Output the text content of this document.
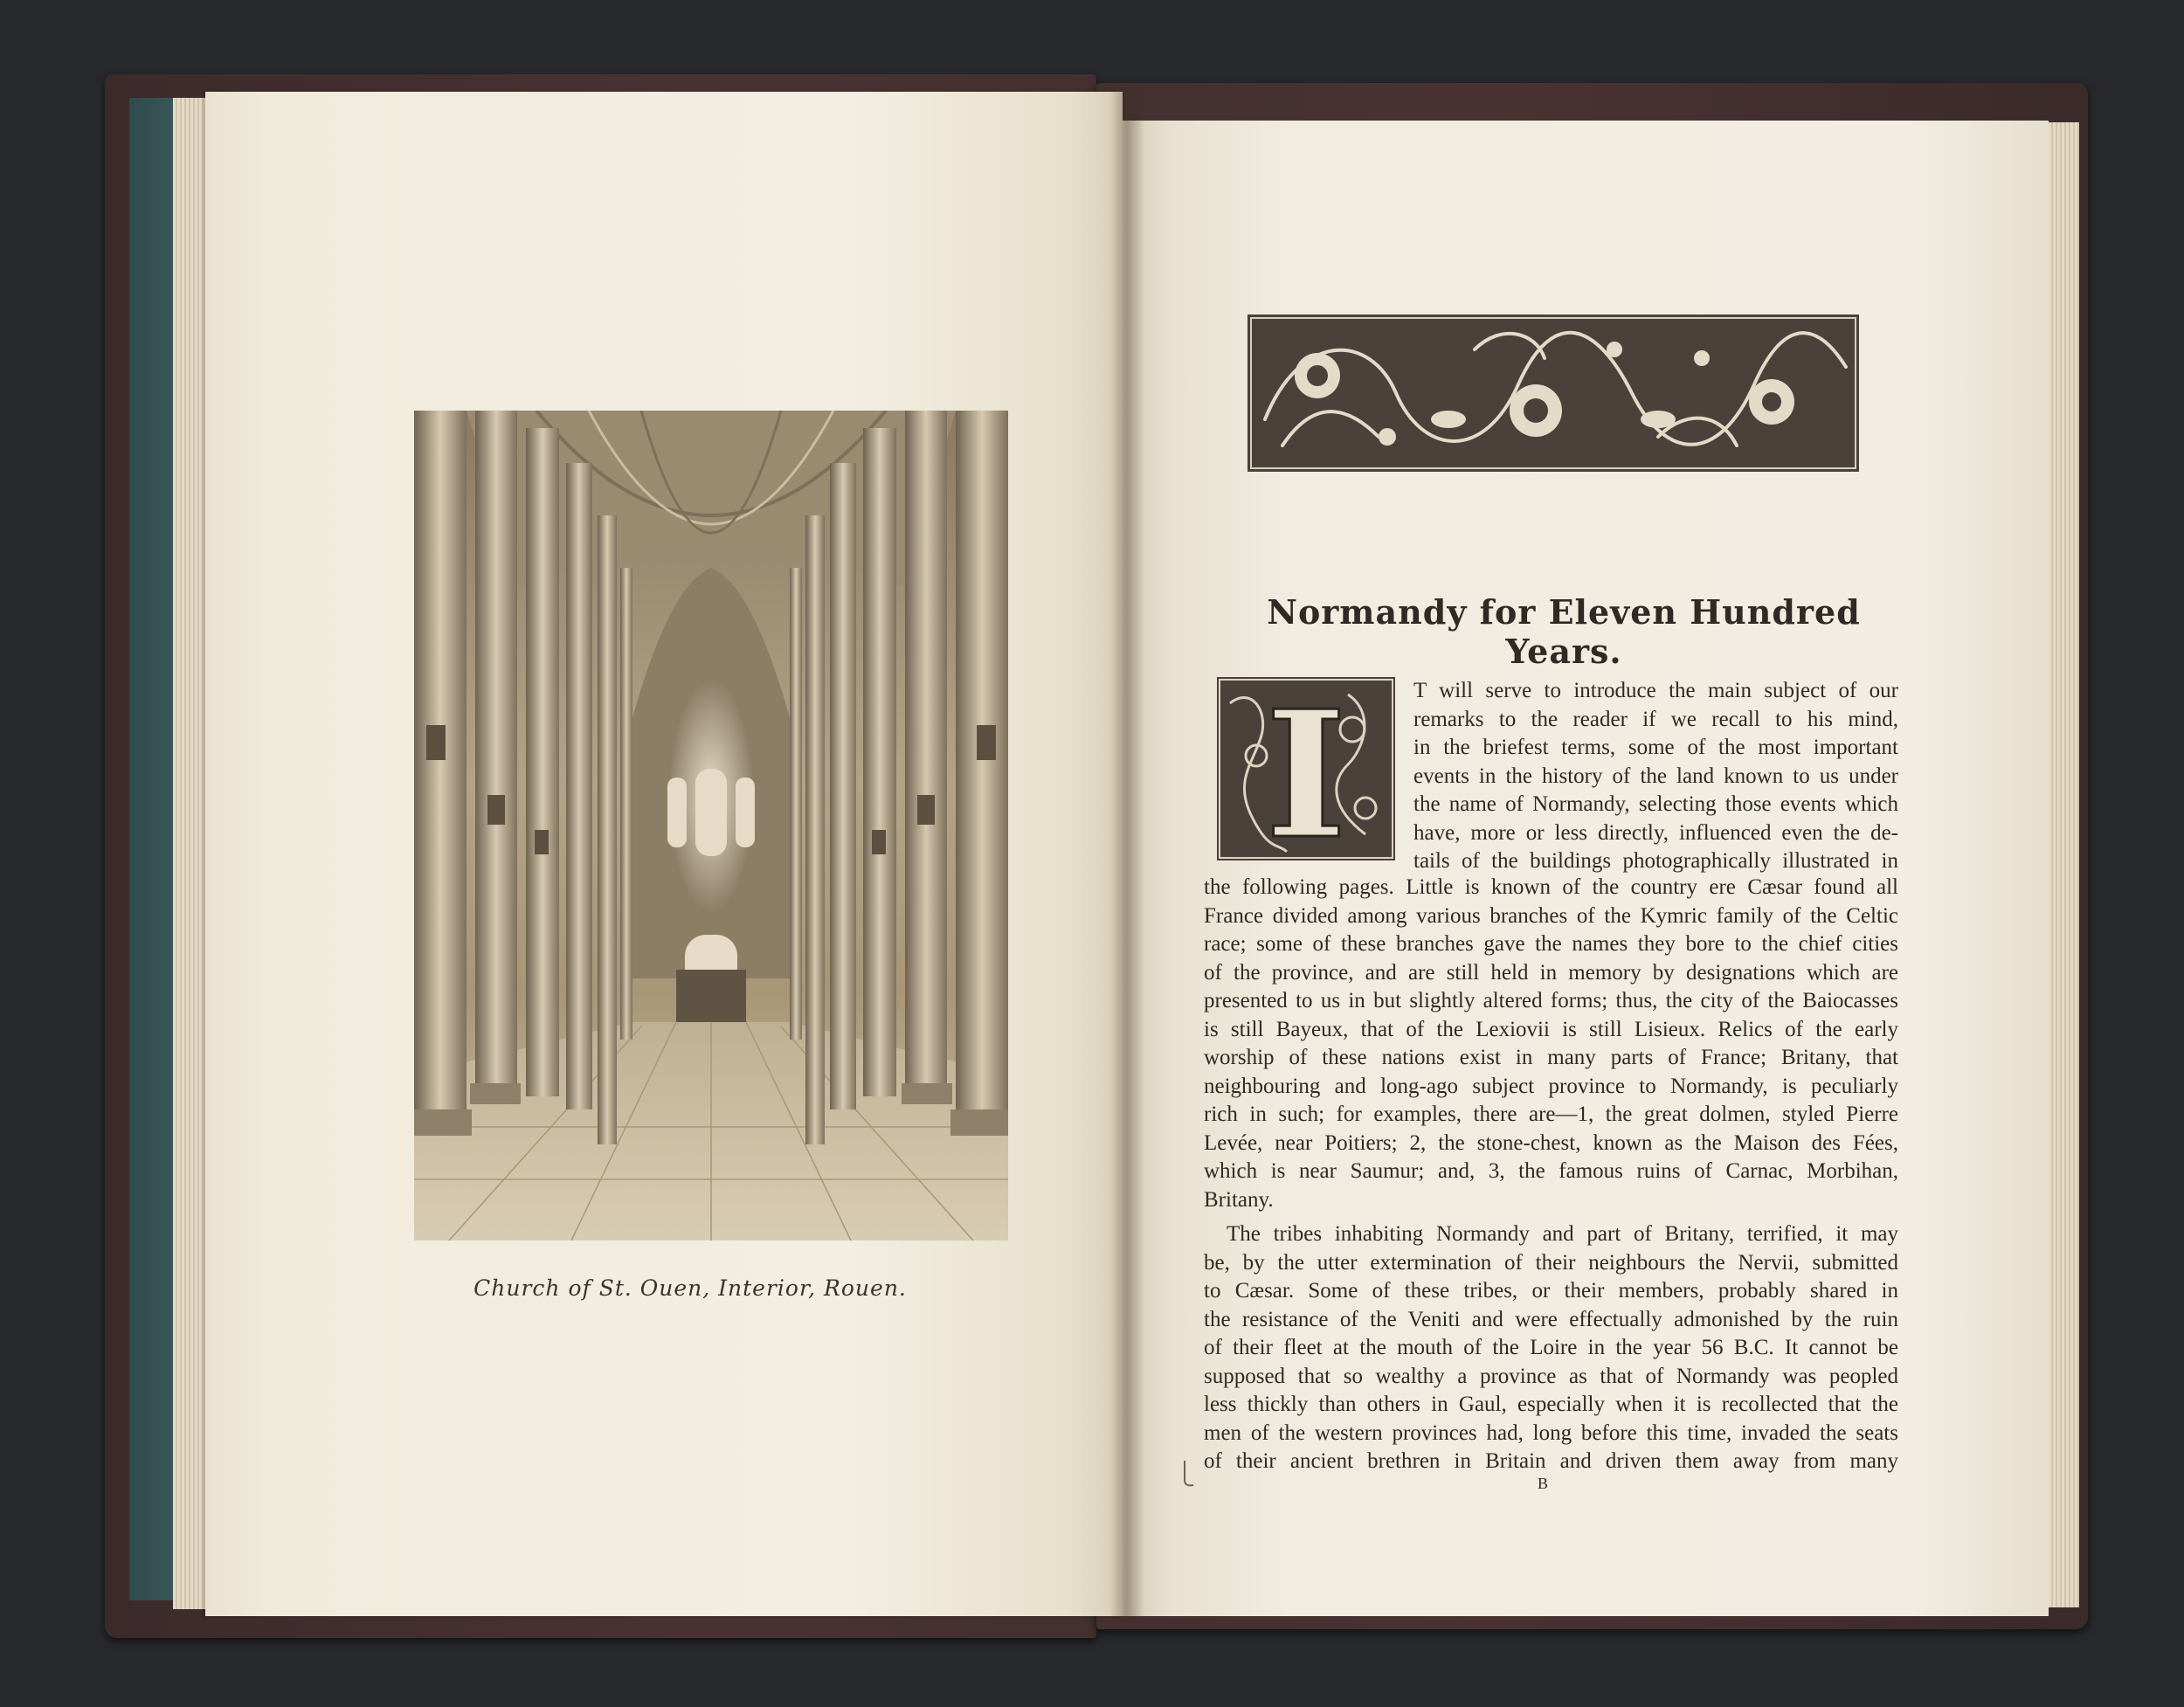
Church of St. Ouen, Interior, Rouen.
Normandy for Eleven Hundred Years.
I	T will serve to introduce the main subject of our
remarks to the reader if we recall to his mind,
in the briefest terms, some of the most important
events in the history of the land known to us under
the name of Normandy, selecting those events which
have, more or less directly, influenced even the de-
tails of the buildings photographically illustrated in
the following pages. Little is known of the country ere Cæsar found all
France divided among various branches of the Kymric family of the Celtic
race; some of these branches gave the names they bore to the chief cities
of the province, and are still held in memory by designations which are
presented to us in but slightly altered forms; thus, the city of the Baiocasses
is still Bayeux, that of the Lexiovii is still Lisieux. Relics of the early
worship of these nations exist in many parts of France; Britany, that
neighbouring and long-ago subject province to Normandy, is peculiarly
rich in such; for examples, there are—1, the great dolmen, styled Pierre
Levée, near Poitiers; 2, the stone-chest, known as the Maison des Fées,
which is near Saumur; and, 3, the famous ruins of Carnac, Morbihan,
Britany.
The tribes inhabiting Normandy and part of Britany, terrified, it may
be, by the utter extermination of their neighbours the Nervii, submitted
to Cæsar. Some of these tribes, or their members, probably shared in
the resistance of the Veniti and were effectually admonished by the ruin
of their fleet at the mouth of the Loire in the year 56 B.C. It cannot be
supposed that so wealthy a province as that of Normandy was peopled
less thickly than others in Gaul, especially when it is recollected that the
men of the western provinces had, long before this time, invaded the seats
of their ancient brethren in Britain and driven them away from many
B
